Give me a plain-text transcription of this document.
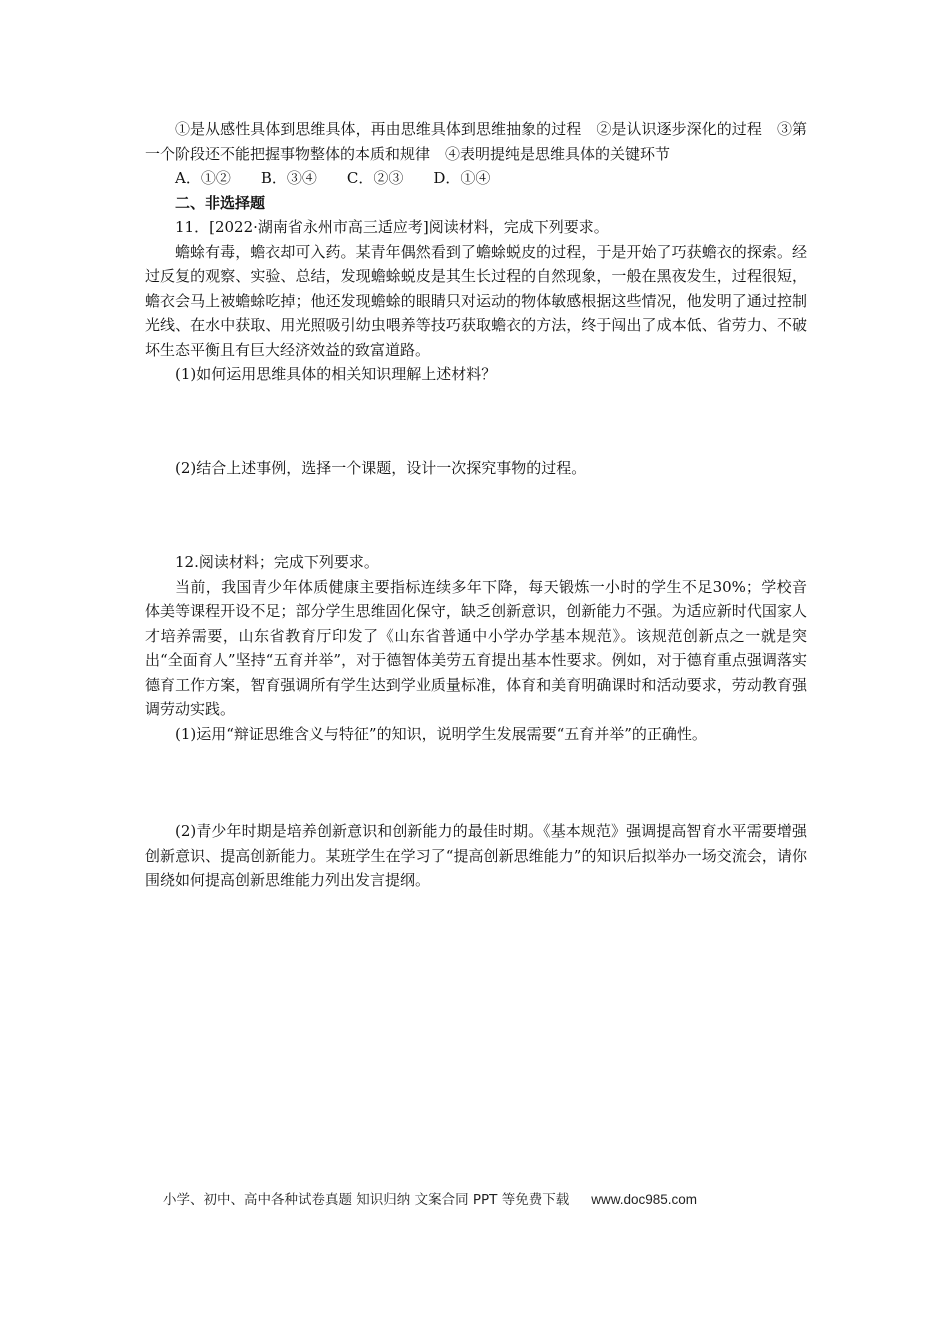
①是从感性具体到思维具体，再由思维具体到思维抽象的过程　②是认识逐步深化的过程　③第一个阶段还不能把握事物整体的本质和规律　④表明提纯是思维具体的关键环节

A．①②　　B．③④　　C．②③　　D．①④

二、非选择题

11．[2022·湖南省永州市高三适应考]阅读材料，完成下列要求。

蟾蜍有毒，蟾衣却可入药。某青年偶然看到了蟾蜍蜕皮的过程，于是开始了巧获蟾衣的探索。经过反复的观察、实验、总结，发现蟾蜍蜕皮是其生长过程的自然现象，一般在黑夜发生，过程很短，蟾衣会马上被蟾蜍吃掉；他还发现蟾蜍的眼睛只对运动的物体敏感根据这些情况，他发明了通过控制光线、在水中获取、用光照吸引幼虫喂养等技巧获取蟾衣的方法，终于闯出了成本低、省劳力、不破坏生态平衡且有巨大经济效益的致富道路。

(1)如何运用思维具体的相关知识理解上述材料？

(2)结合上述事例，选择一个课题，设计一次探究事物的过程。

12.阅读材料；完成下列要求。

当前，我国青少年体质健康主要指标连续多年下降，每天锻炼一小时的学生不足30%；学校音体美等课程开设不足；部分学生思维固化保守，缺乏创新意识，创新能力不强。为适应新时代国家人才培养需要，山东省教育厅印发了《山东省普通中小学办学基本规范》。该规范创新点之一就是突出“全面育人”坚持“五育并举”，对于德智体美劳五育提出基本性要求。例如，对于德育重点强调落实德育工作方案，智育强调所有学生达到学业质量标准，体育和美育明确课时和活动要求，劳动教育强调劳动实践。

(1)运用“辩证思维含义与特征”的知识，说明学生发展需要“五育并举”的正确性。

(2)青少年时期是培养创新意识和创新能力的最佳时期。《基本规范》强调提高智育水平需要增强创新意识、提高创新能力。某班学生在学习了“提高创新思维能力”的知识后拟举办一场交流会，请你围绕如何提高创新思维能力列出发言提纲。

小学、初中、高中各种试卷真题 知识归纳 文案合同 PPT 等免费下载 www.doc985.com
